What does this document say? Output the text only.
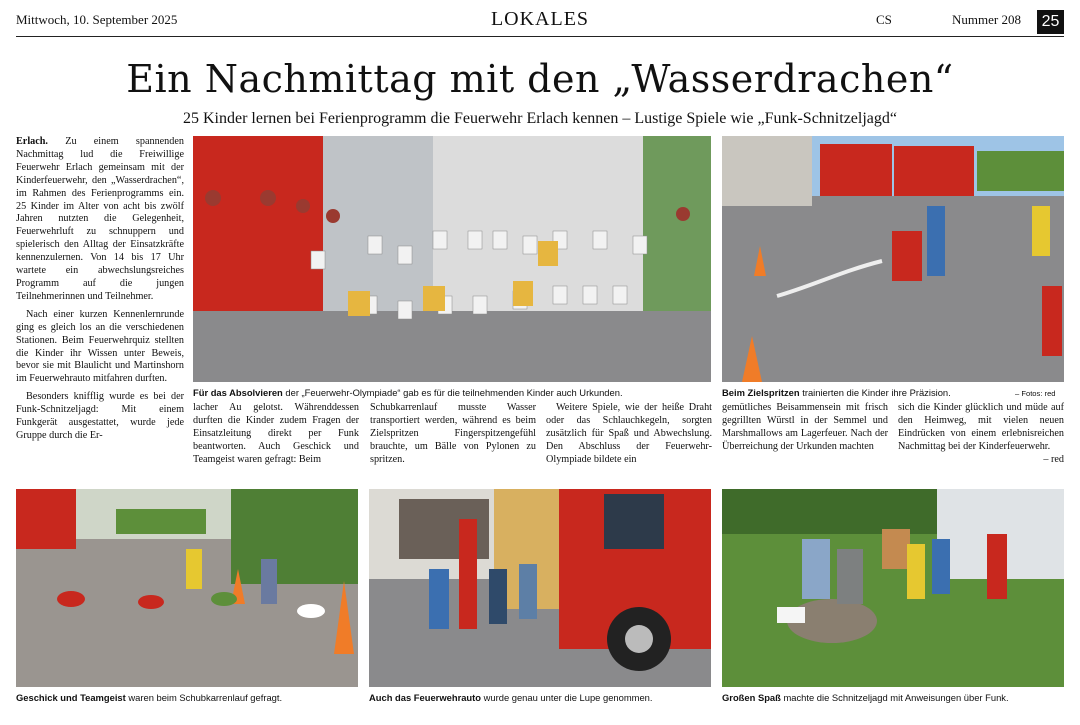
Mittwoch, 10. September 2025	LOKALES	CS	Nummer 208 25
Ein Nachmittag mit den „Wasserdrachen“
25 Kinder lernen bei Ferienprogramm die Feuerwehr Erlach kennen – Lustige Spiele wie „Funk-Schnitzeljagd“

Erlach. Zu einem spannenden Nachmittag lud die Freiwillige Feuerwehr Erlach gemeinsam mit der Kinderfeuerwehr, den „Wasserdrachen“, im Rahmen des Ferienprogramms ein. 25 Kinder im Alter von acht bis zwölf Jahren nutzten die Gelegenheit, Feuerwehrluft zu schnuppern und spielerisch den Alltag der Einsatzkräfte kennenzulernen. Von 14 bis 17 Uhr wartete ein abwechslungsreiches Programm auf die jungen Teilnehmerinnen und Teilnehmer.

Nach einer kurzen Kennenlernrunde ging es gleich los an die verschiedenen Stationen. Beim Feuerwehrquiz stellten die Kinder ihr Wissen unter Beweis, bevor sie mit Blaulicht und Martinshorn im Feuerwehrauto mitfahren durften.

Besonders knifflig wurde es bei der Funk-Schnitzeljagd: Mit einem Funkgerät ausgestattet, wurde jede Gruppe durch die Er-

Für das Absolvieren der „Feuerwehr-Olympiade“ gab es für die teilnehmenden Kinder auch Urkunden.	Beim Zielspritzen trainierten die Kinder ihre Präzision.	– Fotos: red

lacher Au gelotst. Währenddessen durften die Kinder zudem Fragen der Einsatzleitung direkt per Funk beantworten. Auch Geschick und Teamgeist waren gefragt: Beim

Schubkarrenlauf musste Wasser transportiert werden, während es beim Zielspritzen Fingerspitzengefühl brauchte, um Bälle von Pylonen zu spritzen.

Weitere Spiele, wie der heiße Draht oder das Schlauchkegeln, sorgten zusätzlich für Spaß und Abwechslung. Den Abschluss der Feuerwehr-Olympiade bildete ein

gemütliches Beisammensein mit frisch gegrillten Würstl in der Semmel und Marshmallows am Lagerfeuer. Nach der Überreichung der Urkunden machten

sich die Kinder glücklich und müde auf den Heimweg, mit vielen neuen Eindrücken von einem erlebnisreichen Nachmittag bei der Kinderfeuerwehr.
– red

Geschick und Teamgeist waren beim Schubkarrenlauf gefragt.	Auch das Feuerwehrauto wurde genau unter die Lupe genommen.	Großen Spaß machte die Schnitzeljagd mit Anweisungen über Funk.
